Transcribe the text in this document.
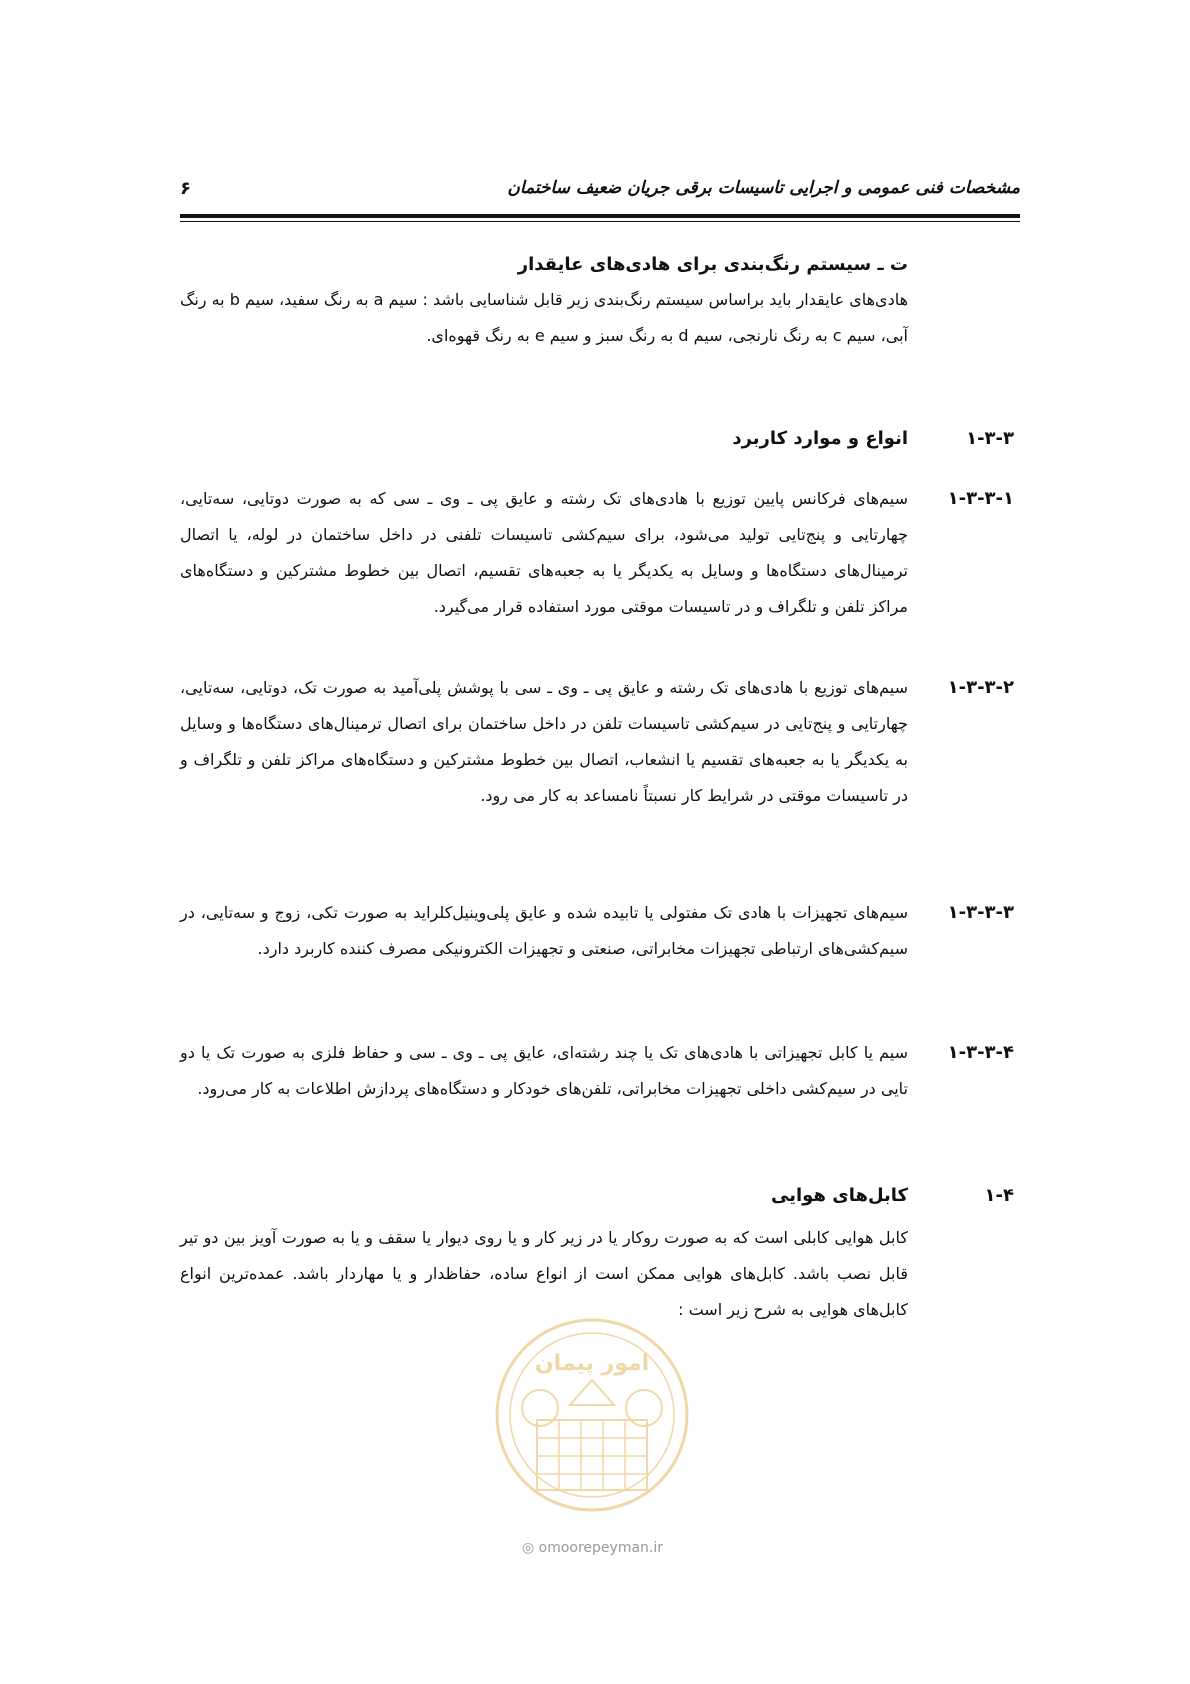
مشخصات فنی عمومی و اجرایی تاسیسات برقی جریان ضعیف ساختمان
۶
ت ـ سیستم رنگ‌بندی برای هادی‌های عایقدار
هادی‌های عایقدار باید براساس سیستم رنگ‌بندی زیر قابل شناسایی باشد : سیم a به رنگ سفید، سیم b به رنگ آبی، سیم c به رنگ نارنجی، سیم d به رنگ سبز و سیم e به رنگ قهوه‌ای.
۱-۳-۳
انواع و موارد کاربرد
۱-۳-۳-۱
سیم‌های فرکانس پایین توزیع با هادی‌های تک رشته و عایق پی ـ وی ـ سی که به صورت دوتایی، سه‌تایی، چهارتایی و پنج‌تایی تولید می‌شود، برای سیم‌کشی تاسیسات تلفنی در داخل ساختمان در لوله، یا اتصال ترمینال‌های دستگاه‌ها و وسایل به یکدیگر یا به جعبه‌های تقسیم، اتصال بین خطوط مشترکین و دستگاه‌های مراکز تلفن و تلگراف و در تاسیسات موقتی مورد استفاده قرار می‌گیرد.
۱-۳-۳-۲
سیم‌های توزیع با هادی‌های تک رشته و عایق پی ـ وی ـ سی با پوشش پلی‌آمید به صورت تک، دوتایی، سه‌تایی، چهارتایی و پنج‌تایی در سیم‌کشی تاسیسات تلفن در داخل ساختمان برای اتصال ترمینال‌های دستگاه‌ها و وسایل به یکدیگر یا به جعبه‌های تقسیم یا انشعاب، اتصال بین خطوط مشترکین و دستگاه‌های مراکز تلفن و تلگراف و در تاسیسات موقتی در شرایط کار نسبتاً نامساعد به کار می رود.
۱-۳-۳-۳
سیم‌های تجهیزات با هادی تک مفتولی یا تابیده شده و عایق پلی‌وینیل‌کلراید به صورت تکی، زوج و سه‌تایی، در سیم‌کشی‌های ارتباطی تجهیزات مخابراتی، صنعتی و تجهیزات الکترونیکی مصرف کننده کاربرد دارد.
۱-۳-۳-۴
سیم یا کابل تجهیزاتی با هادی‌های تک یا چند رشته‌ای، عایق پی ـ وی ـ سی و حفاظ فلزی به صورت تک یا دو تایی در سیم‌کشی داخلی تجهیزات مخابراتی، تلفن‌های خودکار و دستگاه‌های پردازش اطلاعات به کار می‌رود.
۱-۴
کابل‌های هوایی
کابل هوایی کابلی است که به صورت روکار یا در زیر کار و یا روی دیوار یا سقف و یا به صورت آویز بین دو تیر قابل نصب باشد. کابل‌های هوایی ممکن است از انواع ساده، حفاظدار و یا مهاردار باشد. عمده‌ترین انواع کابل‌های هوایی به شرح زیر است :
امور پیمان
◎ omoorepeyman.ir
